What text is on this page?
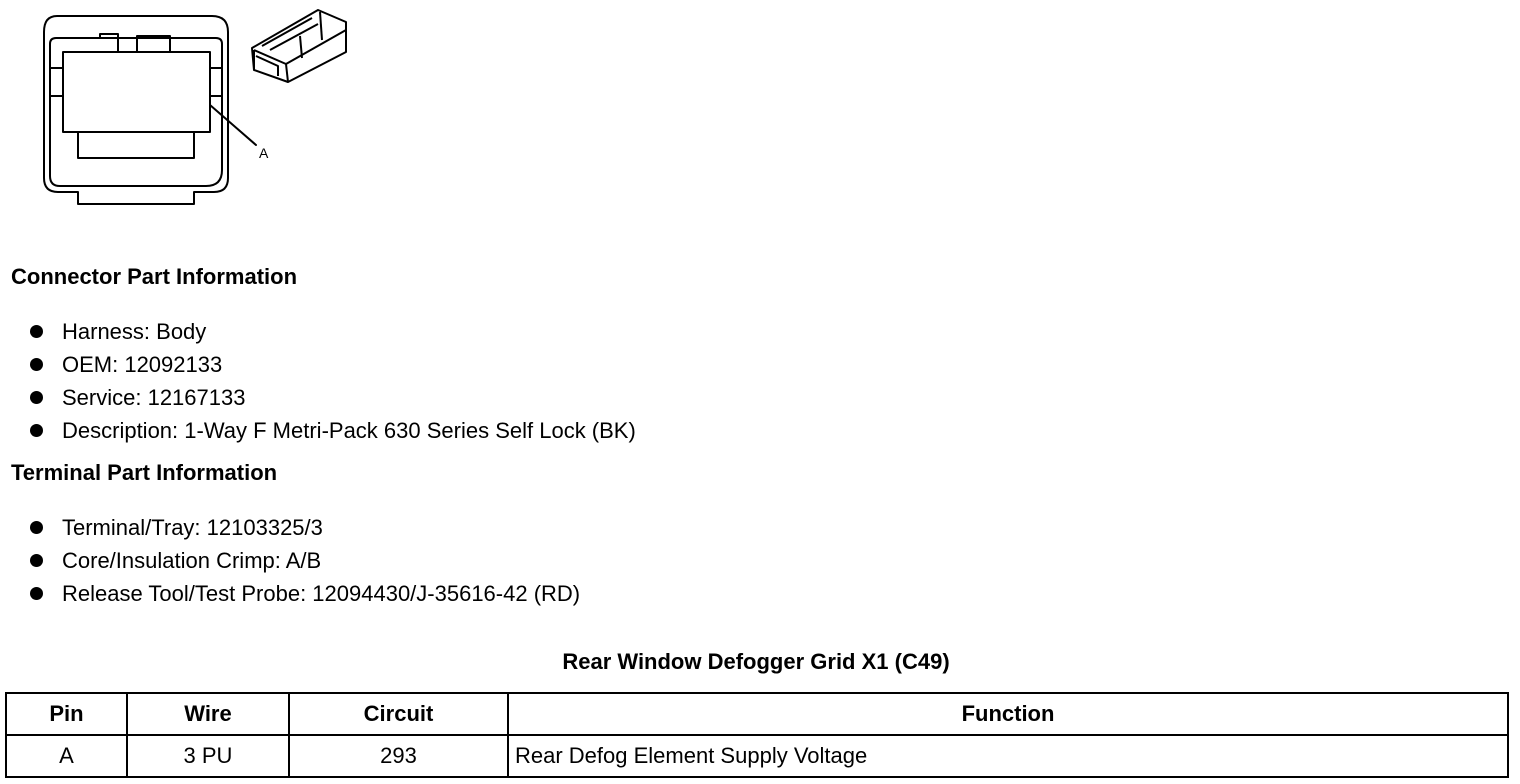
A
Connector Part Information
Harness: Body
OEM: 12092133
Service: 12167133
Description: 1-Way F Metri-Pack 630 Series Self Lock (BK)
Terminal Part Information
Terminal/Tray: 12103325/3
Core/Insulation Crimp: A/B
Release Tool/Test Probe: 12094430/J-35616-42 (RD)
Rear Window Defogger Grid X1 (C49)
Pin	Wire	Circuit	Function
A	3 PU	293	Rear Defog Element Supply Voltage
